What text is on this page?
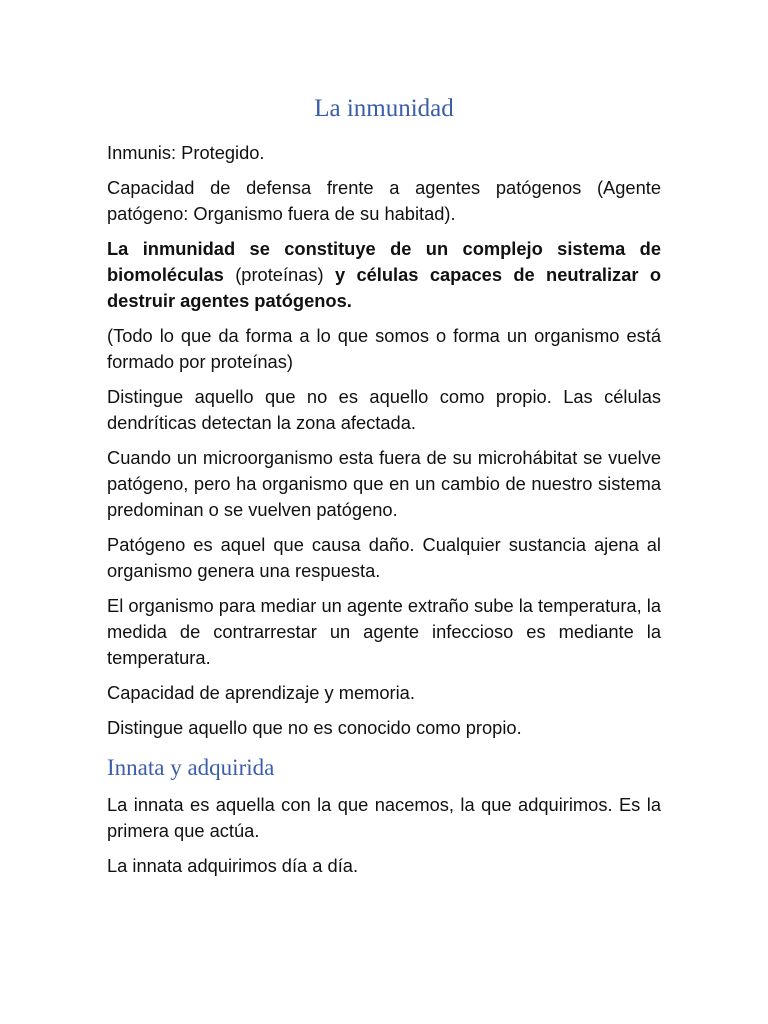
La inmunidad

Inmunis: Protegido.

Capacidad de defensa frente a agentes patógenos (Agente patógeno: Organismo fuera de su habitad).

La inmunidad se constituye de un complejo sistema de biomoléculas (proteínas) y células capaces de neutralizar o destruir agentes patógenos.

(Todo lo que da forma a lo que somos o forma un organismo está formado por proteínas)

Distingue aquello que no es aquello como propio. Las células dendríticas detectan la zona afectada.

Cuando un microorganismo esta fuera de su microhábitat se vuelve patógeno, pero ha organismo que en un cambio de nuestro sistema predominan o se vuelven patógeno.

Patógeno es aquel que causa daño. Cualquier sustancia ajena al organismo genera una respuesta.

El organismo para mediar un agente extraño sube la temperatura, la medida de contrarrestar un agente infeccioso es mediante la temperatura.

Capacidad de aprendizaje y memoria.

Distingue aquello que no es conocido como propio.

Innata y adquirida

La innata es aquella con la que nacemos, la que adquirimos. Es la primera que actúa.

La innata adquirimos día a día.
